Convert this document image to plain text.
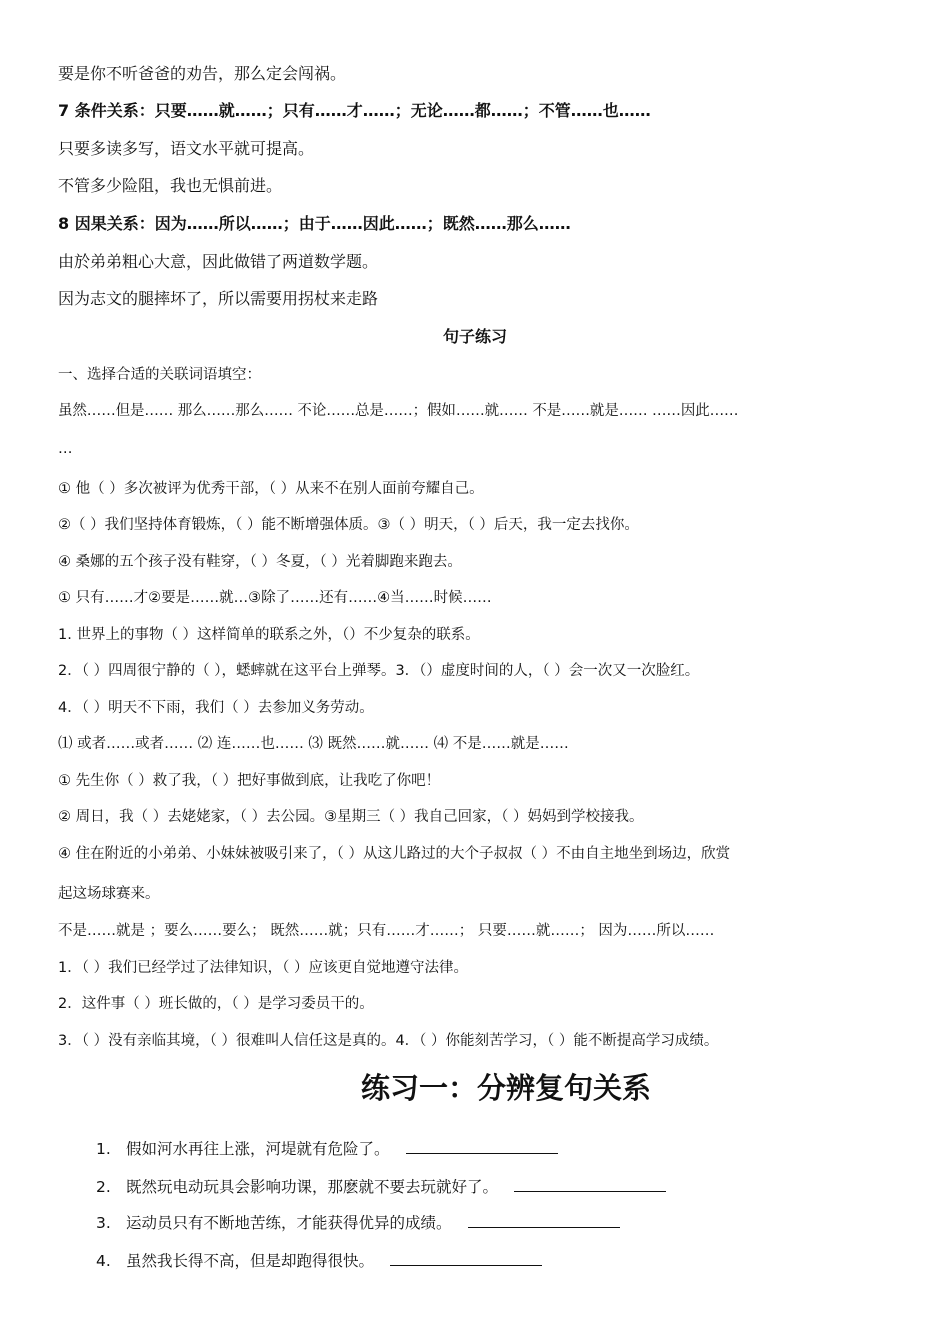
要是你不听爸爸的劝告，那么定会闯祸。
7 条件关系：只要……就……；只有……才……；无论……都……；不管……也……
只要多读多写，语文水平就可提高。
不管多少险阻，我也无惧前进。
8 因果关系：因为……所以……；由于……因此……；既然……那么……
由於弟弟粗心大意，因此做错了两道数学题。
因为志文的腿摔坏了，所以需要用拐杖来走路
句子练习
一、选择合适的关联词语填空：
虽然……但是…… 那么……那么…… 不论……总是……；假如……就…… 不是……就是…… ……因此……
…
① 他（ ）多次被评为优秀干部，（ ）从来不在别人面前夸耀自己。
②（ ）我们坚持体育锻炼，（ ）能不断增强体质。③（ ）明天，（ ）后天，我一定去找你。
④ 桑娜的五个孩子没有鞋穿，（ ）冬夏，（ ）光着脚跑来跑去。
① 只有……才②要是……就…③除了……还有……④当……时候……
1. 世界上的事物（ ）这样简单的联系之外，（）不少复杂的联系。
2．（ ）四周很宁静的（ ），蟋蟀就在这平台上弹琴。3．（）虚度时间的人，（ ）会一次又一次脸红。
4．（ ）明天不下雨，我们（ ）去参加义务劳动。
⑴ 或者……或者…… ⑵ 连……也…… ⑶ 既然……就…… ⑷ 不是……就是……
① 先生你（ ）救了我，（ ）把好事做到底，让我吃了你吧！
② 周日，我（ ）去姥姥家，（ ）去公园。③星期三（ ）我自己回家，（ ）妈妈到学校接我。
④ 住在附近的小弟弟、小妹妹被吸引来了，（ ）从这儿路过的大个子叔叔（ ）不由自主地坐到场边，欣赏
起这场球赛来。
不是……就是 ；要么……要么； 既然……就；只有……才……； 只要……就……； 因为……所以……
1．（ ）我们已经学过了法律知识，（ ）应该更自觉地遵守法律。
2．这件事（ ）班长做的，（ ）是学习委员干的。
3．（ ）没有亲临其境，（ ）很难叫人信任这是真的。4．（ ）你能刻苦学习，（ ）能不断提高学习成绩。
练习一：分辨复句关系
1. 假如河水再往上涨，河堤就有危险了。
2. 既然玩电动玩具会影响功课，那麽就不要去玩就好了。
3. 运动员只有不断地苦练，才能获得优异的成绩。
4. 虽然我长得不高，但是却跑得很快。
